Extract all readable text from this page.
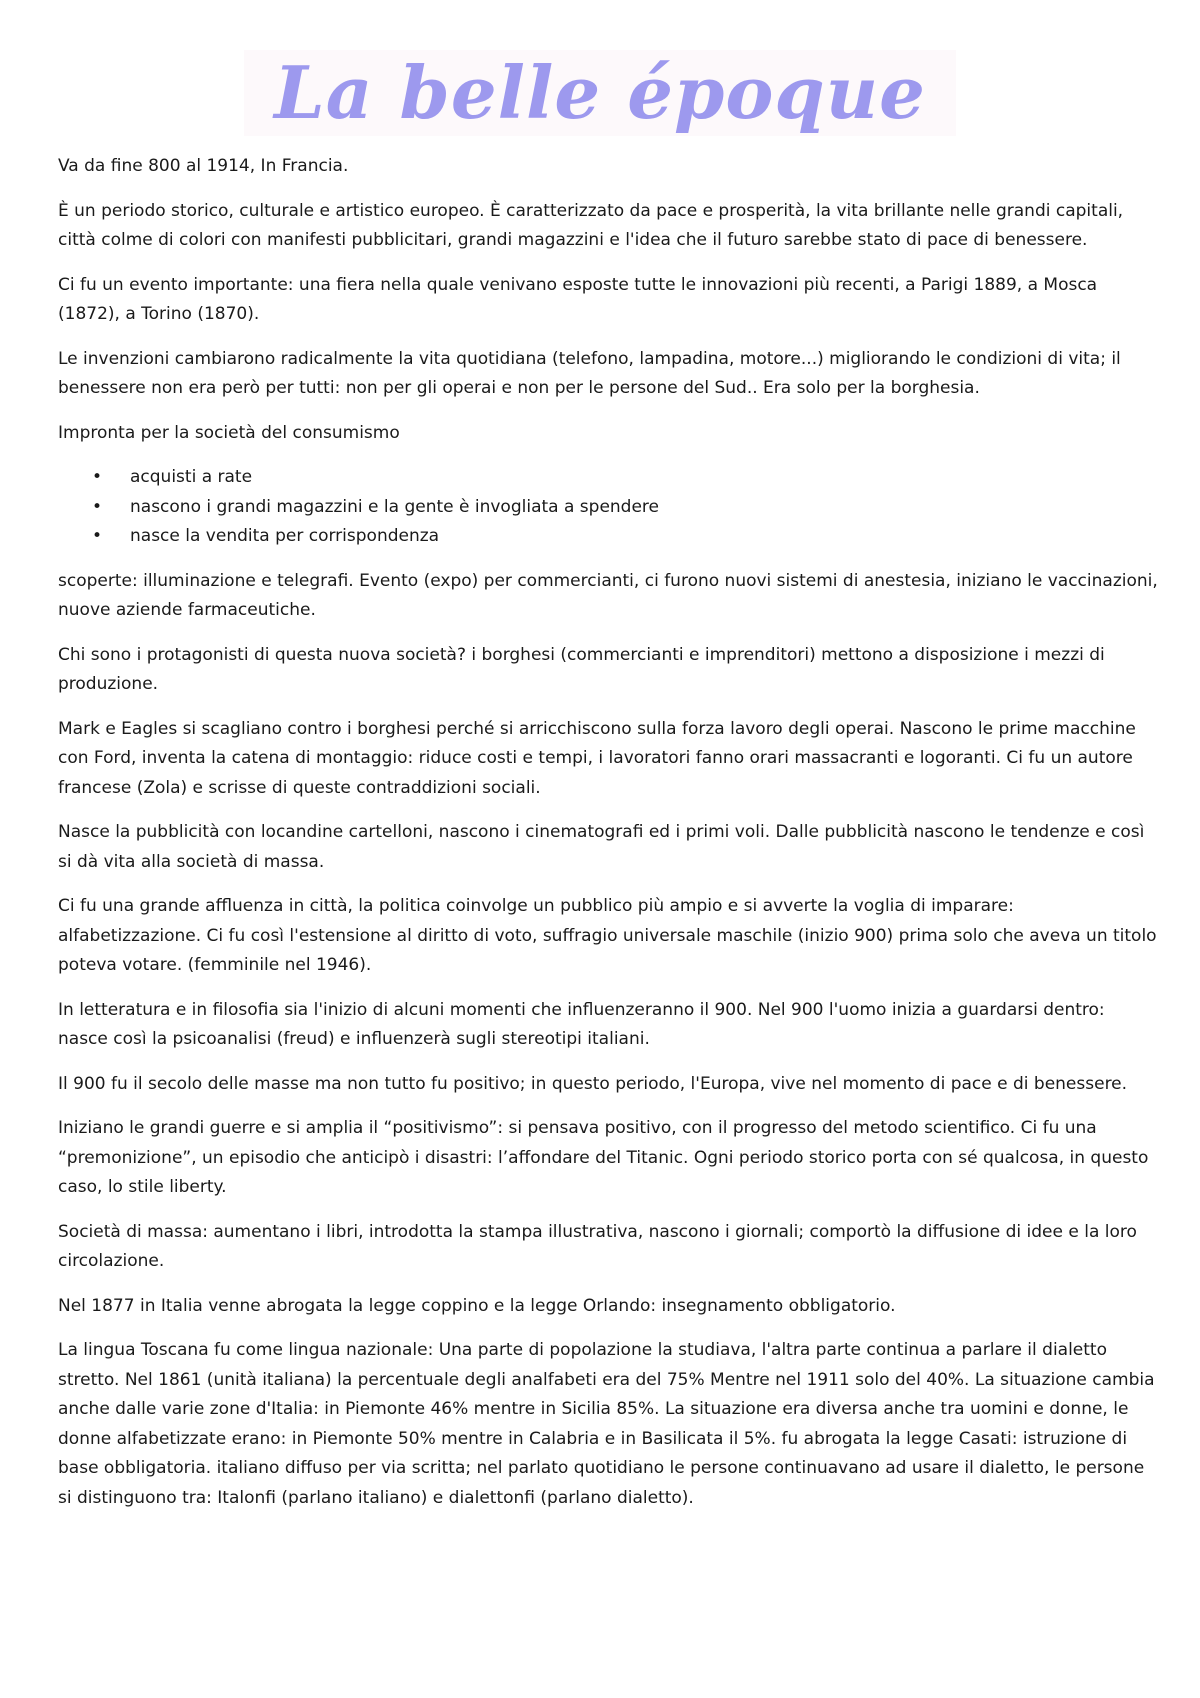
La belle époque

Va da fine 800 al 1914, In Francia.

È un periodo storico, culturale e artistico europeo. È caratterizzato da pace e prosperità, la vita brillante nelle grandi capitali, città colme di colori con manifesti pubblicitari, grandi magazzini e l'idea che il futuro sarebbe stato di pace di benessere.

Ci fu un evento importante: una fiera nella quale venivano esposte tutte le innovazioni più recenti, a Parigi 1889, a Mosca (1872), a Torino (1870).

Le invenzioni cambiarono radicalmente la vita quotidiana (telefono, lampadina, motore...) migliorando le condizioni di vita; il benessere non era però per tutti: non per gli operai e non per le persone del Sud.. Era solo per la borghesia.

Impronta per la società del consumismo

• acquisti a rate
• nascono i grandi magazzini e la gente è invogliata a spendere
• nasce la vendita per corrispondenza

scoperte: illuminazione e telegrafi. Evento (expo) per commercianti, ci furono nuovi sistemi di anestesia, iniziano le vaccinazioni, nuove aziende farmaceutiche.

Chi sono i protagonisti di questa nuova società? i borghesi (commercianti e imprenditori) mettono a disposizione i mezzi di produzione.

Mark e Eagles si scagliano contro i borghesi perché si arricchiscono sulla forza lavoro degli operai. Nascono le prime macchine con Ford, inventa la catena di montaggio: riduce costi e tempi, i lavoratori fanno orari massacranti e logoranti. Ci fu un autore francese (Zola) e scrisse di queste contraddizioni sociali.

Nasce la pubblicità con locandine cartelloni, nascono i cinematografi ed i primi voli. Dalle pubblicità nascono le tendenze e così si dà vita alla società di massa.

Ci fu una grande affluenza in città, la politica coinvolge un pubblico più ampio e si avverte la voglia di imparare: alfabetizzazione. Ci fu così l'estensione al diritto di voto, suffragio universale maschile (inizio 900) prima solo che aveva un titolo poteva votare. (femminile nel 1946).

In letteratura e in filosofia sia l'inizio di alcuni momenti che influenzeranno il 900. Nel 900 l'uomo inizia a guardarsi dentro: nasce così la psicoanalisi (freud) e influenzerà sugli stereotipi italiani.

Il 900 fu il secolo delle masse ma non tutto fu positivo; in questo periodo, l'Europa, vive nel momento di pace e di benessere.

Iniziano le grandi guerre e si amplia il “positivismo”: si pensava positivo, con il progresso del metodo scientifico. Ci fu una “premonizione”, un episodio che anticipò i disastri: l’affondare del Titanic. Ogni periodo storico porta con sé qualcosa, in questo caso, lo stile liberty.

Società di massa: aumentano i libri, introdotta la stampa illustrativa, nascono i giornali; comportò la diffusione di idee e la loro circolazione.

Nel 1877 in Italia venne abrogata la legge coppino e la legge Orlando: insegnamento obbligatorio.

La lingua Toscana fu come lingua nazionale: Una parte di popolazione la studiava, l'altra parte continua a parlare il dialetto stretto. Nel 1861 (unità italiana) la percentuale degli analfabeti era del 75% Mentre nel 1911 solo del 40%. La situazione cambia anche dalle varie zone d'Italia: in Piemonte 46% mentre in Sicilia 85%. La situazione era diversa anche tra uomini e donne, le donne alfabetizzate erano: in Piemonte 50% mentre in Calabria e in Basilicata il 5%. fu abrogata la legge Casati: istruzione di base obbligatoria. italiano diffuso per via scritta; nel parlato quotidiano le persone continuavano ad usare il dialetto, le persone si distinguono tra: Italonfi (parlano italiano) e dialettonfi (parlano dialetto).
